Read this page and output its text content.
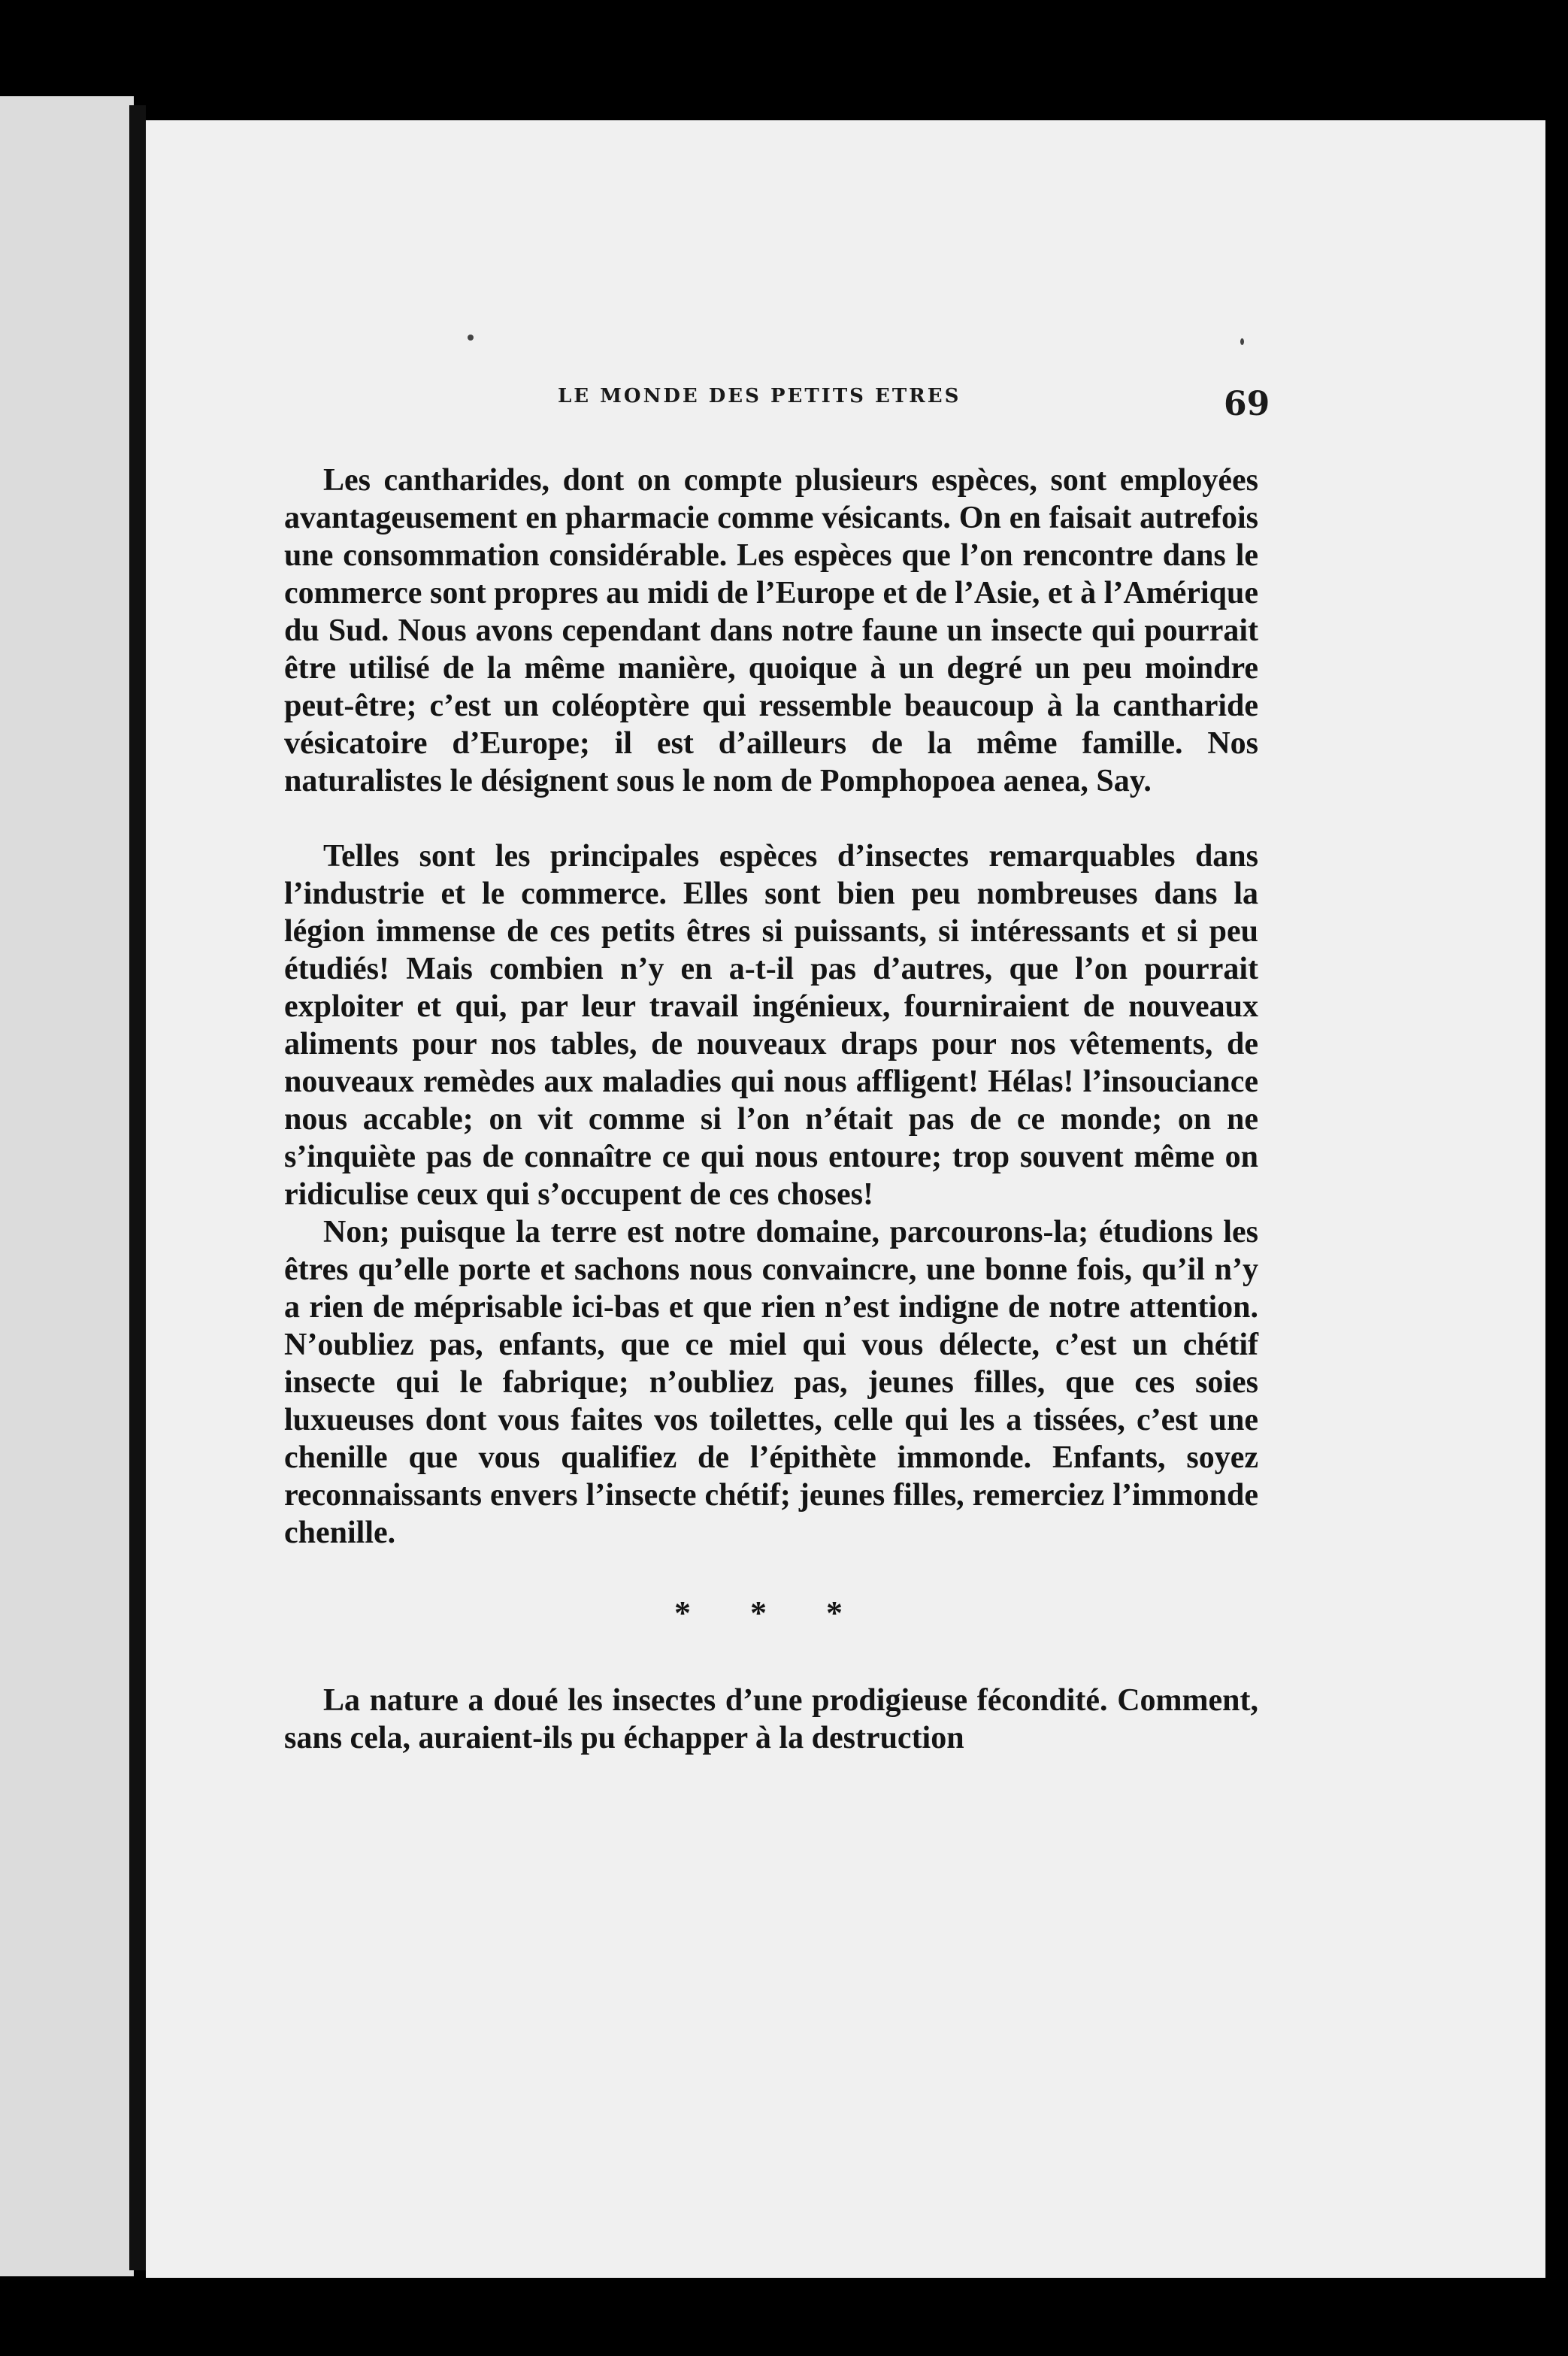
LE MONDE DES PETITS ETRES	69

Les cantharides, dont on compte plusieurs espèces, sont employées avantageusement en pharmacie comme vésicants. On en faisait autrefois une consommation considérable. Les espèces que l’on rencontre dans le commerce sont propres au midi de l’Europe et de l’Asie, et à l’Amérique du Sud. Nous avons cependant dans notre faune un insecte qui pourrait être utilisé de la même manière, quoique à un degré un peu moindre peut-être; c’est un coléoptère qui ressemble beaucoup à la cantharide vésicatoire d’Europe; il est d’ailleurs de la même famille. Nos naturalistes le désignent sous le nom de Pomphopoea aenea, Say.

Telles sont les principales espèces d’insectes remarquables dans l’industrie et le commerce. Elles sont bien peu nombreuses dans la légion immense de ces petits êtres si puissants, si intéressants et si peu étudiés! Mais combien n’y en a-t-il pas d’autres, que l’on pourrait exploiter et qui, par leur travail ingénieux, fourniraient de nouveaux aliments pour nos tables, de nouveaux draps pour nos vêtements, de nouveaux remèdes aux maladies qui nous affligent! Hélas! l’insouciance nous accable; on vit comme si l’on n’était pas de ce monde; on ne s’inquiète pas de connaître ce qui nous entoure; trop souvent même on ridiculise ceux qui s’occupent de ces choses!

Non; puisque la terre est notre domaine, parcourons-la; étudions les êtres qu’elle porte et sachons nous convaincre, une bonne fois, qu’il n’y a rien de méprisable ici-bas et que rien n’est indigne de notre attention. N’oubliez pas, enfants, que ce miel qui vous délecte, c’est un chétif insecte qui le fabrique; n’oubliez pas, jeunes filles, que ces soies luxueuses dont vous faites vos toilettes, celle qui les a tissées, c’est une chenille que vous qualifiez de l’épithète immonde. Enfants, soyez reconnaissants envers l’insecte chétif; jeunes filles, remerciez l’immonde chenille.

* * *

La nature a doué les insectes d’une prodigieuse fécondité. Comment, sans cela, auraient-ils pu échapper à la destruction
